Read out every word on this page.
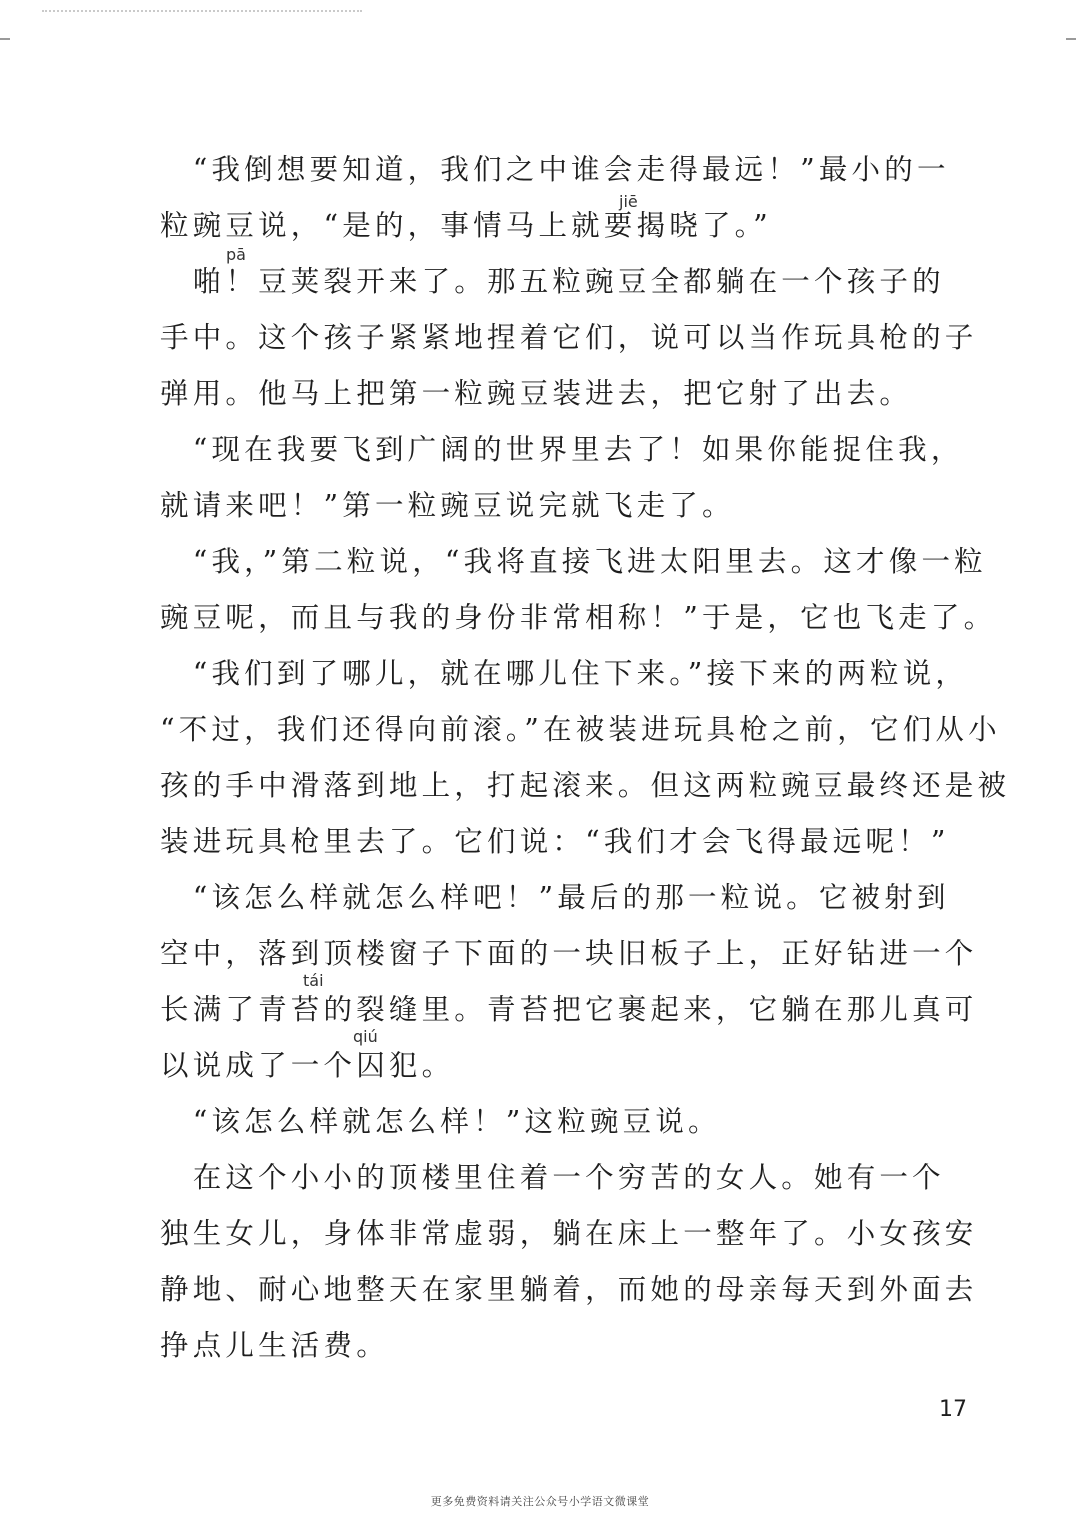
　“我倒想要知道，我们之中谁会走得最远！”最小的一
jiē
粒豌豆说，“是的，事情马上就要揭晓了。”
pā
　啪！豆荚裂开来了。那五粒豌豆全都躺在一个孩子的
手中。这个孩子紧紧地捏着它们，说可以当作玩具枪的子
弹用。他马上把第一粒豌豆装进去，把它射了出去。
　“现在我要飞到广阔的世界里去了！如果你能捉住我，
就请来吧！”第一粒豌豆说完就飞走了。
　“我，”第二粒说，“我将直接飞进太阳里去。这才像一粒
豌豆呢，而且与我的身份非常相称！”于是，它也飞走了。
　“我们到了哪儿，就在哪儿住下来。”接下来的两粒说，
“不过，我们还得向前滚。”在被装进玩具枪之前，它们从小
孩的手中滑落到地上，打起滚来。但这两粒豌豆最终还是被
装进玩具枪里去了。它们说：“我们才会飞得最远呢！”
　“该怎么样就怎么样吧！”最后的那一粒说。它被射到
空中，落到顶楼窗子下面的一块旧板子上，正好钻进一个
tái
长满了青苔的裂缝里。青苔把它裹起来，它躺在那儿真可
qiú
以说成了一个囚犯。
　“该怎么样就怎么样！”这粒豌豆说。
　在这个小小的顶楼里住着一个穷苦的女人。她有一个
独生女儿，身体非常虚弱，躺在床上一整年了。小女孩安
静地、耐心地整天在家里躺着，而她的母亲每天到外面去
挣点儿生活费。
17
更多免费资料请关注公众号小学语文微课堂
